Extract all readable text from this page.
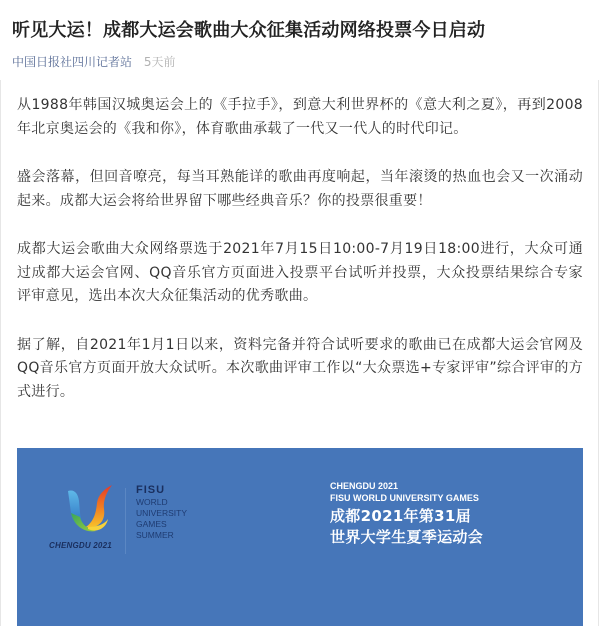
听见大运！成都大运会歌曲大众征集活动网络投票今日启动
中国日报社四川记者站 5天前

从1988年韩国汉城奥运会上的《手拉手》，到意大利世界杯的《意大利之夏》，再到2008年北京奥运会的《我和你》，体育歌曲承载了一代又一代人的时代印记。

盛会落幕，但回音嘹亮，每当耳熟能详的歌曲再度响起，当年滚烫的热血也会又一次涌动起来。成都大运会将给世界留下哪些经典音乐？你的投票很重要！

成都大运会歌曲大众网络票选于2021年7月15日10:00-7月19日18:00进行，大众可通过成都大运会官网、QQ音乐官方页面进入投票平台试听并投票，大众投票结果综合专家评审意见，选出本次大众征集活动的优秀歌曲。

据了解，自2021年1月1日以来，资料完备并符合试听要求的歌曲已在成都大运会官网及QQ音乐官方页面开放大众试听。本次歌曲评审工作以“大众票选+专家评审”综合评审的方式进行。

CHENGDU 2021
FISU
WORLD
UNIVERSITY
GAMES
SUMMER
CHENGDU 2021
FISU WORLD UNIVERSITY GAMES
成都2021年第31届
世界大学生夏季运动会
